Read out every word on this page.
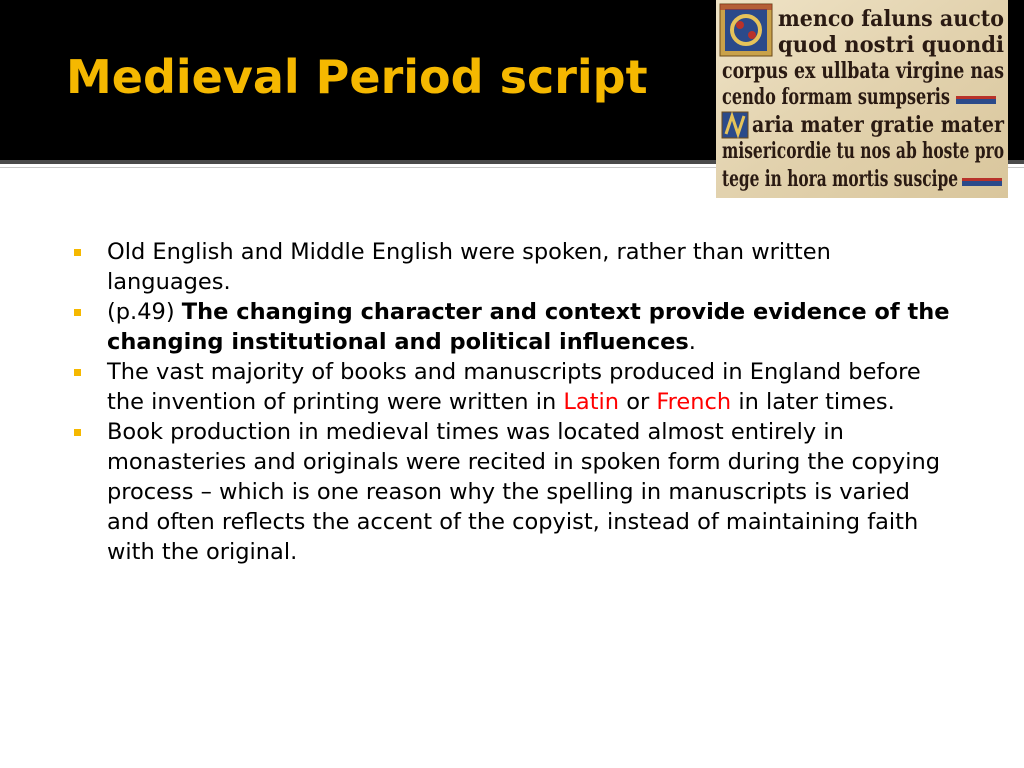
Medieval Period script
menco faluns aucto
quod nostri quondi
corpus ex ullbata virgine nas
cendo formam sumpseris
aria mater gratie mater
misericordie tu nos ab hoste pro
tege in hora mortis suscipe
Old English and Middle English were spoken, rather than written languages.
(p.49) The changing character and context provide evidence of the changing institutional and political influences.
The vast majority of books and manuscripts produced in England before the invention of printing were written in Latin or French in later times.
Book production in medieval times was located almost entirely in monasteries and originals were recited in spoken form during the copying process – which is one reason why the spelling in manuscripts is varied and often reflects the accent of the copyist, instead of maintaining faith with the original.
